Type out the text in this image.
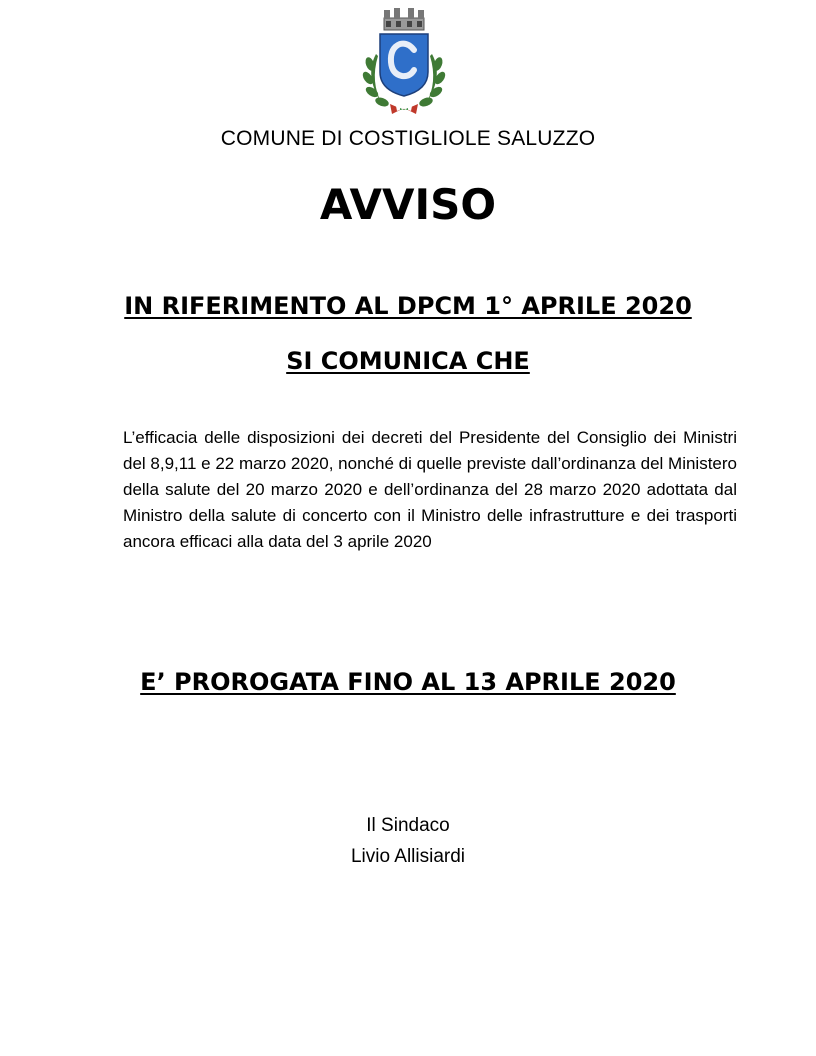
COMUNE DI COSTIGLIOLE SALUZZO
AVVISO
IN RIFERIMENTO AL DPCM 1° APRILE 2020
SI COMUNICA CHE
L’efficacia delle disposizioni dei decreti del Presidente del Consiglio dei Ministri del 8,9,11 e 22 marzo 2020, nonché di quelle previste dall’ordinanza del Ministero della salute del 20 marzo 2020 e dell’ordinanza del 28 marzo 2020 adottata dal Ministro della salute di concerto con il Ministro delle infrastrutture e dei trasporti ancora efficaci alla data del 3 aprile 2020
E’ PROROGATA FINO AL 13 APRILE 2020
Il Sindaco
Livio Allisiardi
